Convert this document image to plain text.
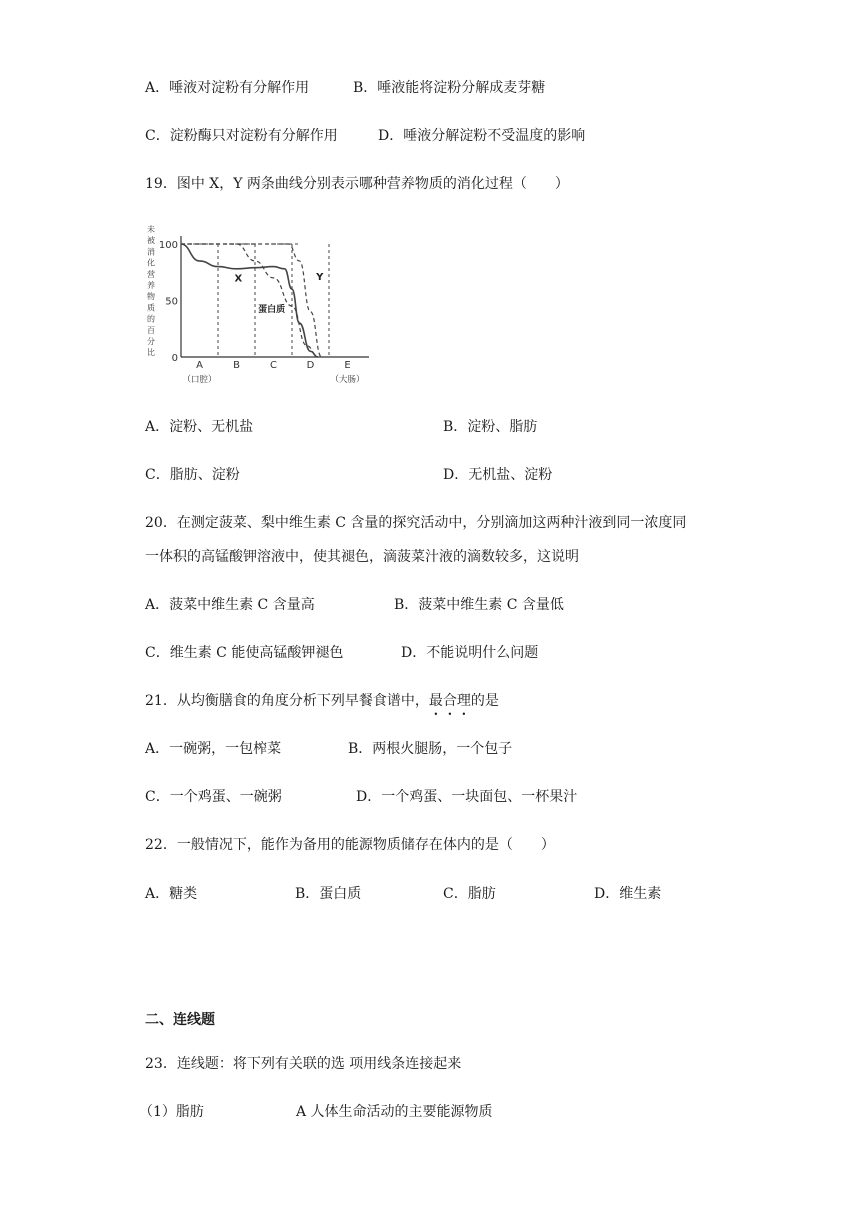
A．唾液对淀粉有分解作用	B．唾液能将淀粉分解成麦芽糖
C．淀粉酶只对淀粉有分解作用	D．唾液分解淀粉不受温度的影响
19．图中 X，Y 两条曲线分别表示哪种营养物质的消化过程（　　）
未
被
消
化
营
养
物
质
的
百
分
比
0
50
100
A
（口腔）
B	C	D	E
（大肠）
X
蛋白质
Y
A．淀粉、无机盐	B．淀粉、脂肪
C．脂肪、淀粉	D．无机盐、淀粉
20．在测定菠菜、梨中维生素 C 含量的探究活动中，分别滴加这两种汁液到同一浓度同
一体积的高锰酸钾溶液中，使其褪色，滴菠菜汁液的滴数较多，这说明
A．菠菜中维生素 C 含量高	B．菠菜中维生素 C 含量低
C．维生素 C 能使高锰酸钾褪色	D．不能说明什么问题
21．从均衡膳食的角度分析下列早餐食谱中，最合理的是
A．一碗粥，一包榨菜	B．两根火腿肠，一个包子
C．一个鸡蛋、一碗粥	D．一个鸡蛋、一块面包、一杯果汁
22．一般情况下，能作为备用的能源物质储存在体内的是（　　）
A．糖类	B．蛋白质	C．脂肪	D．维生素
二、连线题
23．连线题：将下列有关联的选 项用线条连接起来
（1）脂肪	A 人体生命活动的主要能源物质
